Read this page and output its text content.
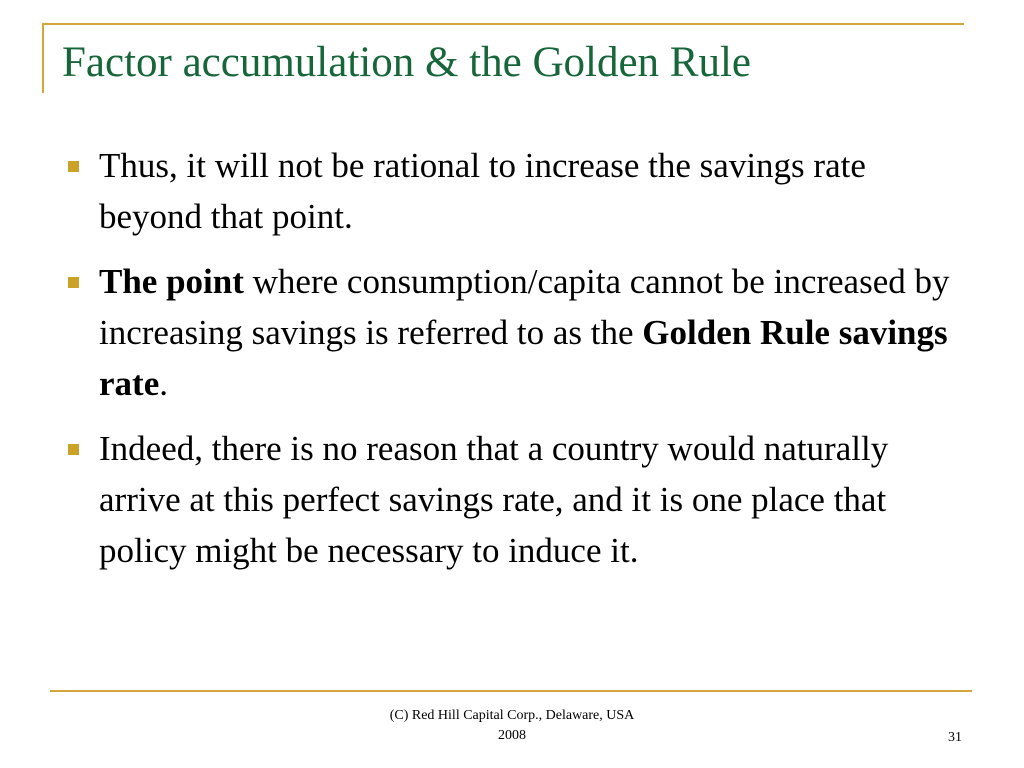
Factor accumulation & the Golden Rule
Thus, it will not be rational to increase the savings rate beyond that point.
The point where consumption/capita cannot be increased by increasing savings is referred to as the Golden Rule savings rate.
Indeed, there is no reason that a country would naturally arrive at this perfect savings rate, and it is one place that policy might be necessary to induce it.
(C) Red Hill Capital Corp., Delaware, USA
2008	31
